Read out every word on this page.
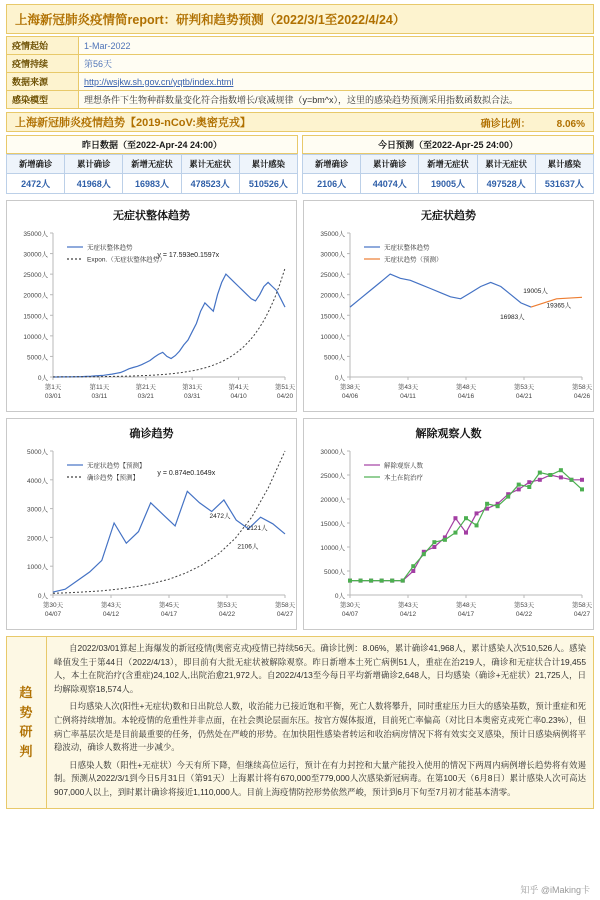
上海新冠肺炎疫情简report：研判和趋势预测（2022/3/1至2022/4/24）
疫情起始	1-Mar-2022
疫情持续	第56天
数据来源	http://wsjkw.sh.gov.cn/yqtb/index.html
感染模型	理想条件下生物种群数量变化符合指数增长/衰减规律（y=bm^x），这里的感染趋势预测采用指数函数拟合法。
上海新冠肺炎疫情趋势【2019-nCoV:奥密克戎】	确诊比例：	8.06%
昨日数据（至2022-Apr-24 24:00）
新增确诊	累计确诊	新增无症状	累计无症状	累计感染
2472人	41968人	16983人	478523人	510526人
今日预测（至2022-Apr-25 24:00）
新增确诊	累计确诊	新增无症状	累计无症状	累计感染
2106人	44074人	19005人	497528人	531637人
无症状整体趋势
0人
5000人
10000人
15000人
20000人
25000人
30000人
35000人
第1天
03/01
第11天
03/11
第21天
03/21
第31天
03/31
第41天
04/10
第51天
04/20
无症状整体趋势
Expon.（无症状整体趋势）
y = 17.593e0.1597x
无症状趋势
0人
5000人
10000人
15000人
20000人
25000人
30000人
35000人
第38天
04/06
第43天
04/11
第48天
04/16
第53天
04/21
第58天
04/26
无症状整体趋势
无症状趋势（预测）
19005人
19365人
16983人
确诊趋势
0人
1000人
2000人
3000人
4000人
5000人
第30天
04/07
第43天
04/12
第45天
04/17
第53天
04/22
第58天
04/27
无症状趋势【预测】
确诊趋势【预测】
y = 0.874e0.1649x
2472人
2121人
2106人
解除观察人数
0人
5000人
10000人
15000人
20000人
25000人
30000人
第30天
04/07
第43天
04/12
第48天
04/17
第53天
04/22
第58天
04/27
解除观察人数
本土在院治疗
趋
势
研
判

自2022/03/01算起上海爆发的新冠疫情(奥密克戎)疫情已持续56天。确诊比例：8.06%，累计确诊41,968人，累计感染人次510,526人。感染峰值发生于第44日（2022/4/13），即目前有大批无症状被解除观察。昨日新增本土死亡病例51人，重症在治219人，确诊和无症状合计19,455人，本土在院治疗(含重症)24,102人,出院治愈21,972人。自2022/4/13至今每日平均新增确诊2,648人，日均感染（确诊+无症状）21,725人，日均解除观察18,574人。

日均感染人次(阳性+无症状)数和日出院总人数，收治能力已接近饱和平衡，死亡人数将攀升，同时重症压力巨大的感染基数，预计重症和死亡例将持续增加。本轮疫情的危重性并非点面，在社会舆论层面东压。按官方媒体报道，目前死亡率偏高（对比日本奥密克戎死亡率0.23%），但病亡率基层次是是目前最重要的任务，仍然处在严峻的形势。在加快阻性感染者转运和收治病房情况下将有效实交叉感染，预计日感染病例将平稳波动，确诊人数将进一步减少。

日感染人数（阳性+无症状）今天有所下降，但继续高位运行，预计在有力封控和大量产能投入使用的情况下两周内病例增长趋势将有效遏制。预测从2022/3/1到今日5月31日（第91天）上海累计将有670,000至779,000人次感染新冠病毒。在第100天（6月8日）累计感染人次可高达907,000人以上，到时累计确诊将接近1,110,000人。目前上海疫情防控形势依然严峻，预计到6月下旬至7月初才能基本清零。

知乎 @iMaking卡
